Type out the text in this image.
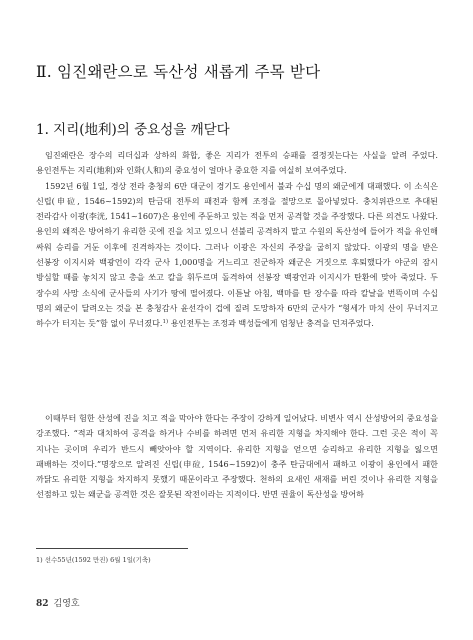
Ⅱ. 임진왜란으로 독산성 새롭게 주목 받다
1. 지리(地利)의 중요성을 깨닫다

임진왜란은 장수의 리더십과 상하의 화합, 좋은 지리가 전투의 승패를 결정짓는다는 사실을 알려 주었다. 용인전투는 지리(地利)와 인화(人和)의 중요성이 얼마나 중요한 지를 여실히 보여주었다.

1592년 6월 1일, 경상 전라 충청의 6만 대군이 경기도 용인에서 불과 수십 명의 왜군에게 대패했다. 이 소식은 신립(申砬, 1546~1592)의 탄금대 전투의 패전과 함께 조정을 절망으로 몰아넣었다. 충치위관으로 추대된 전라감사 이광(李洸, 1541~1607)은 용인에 주둔하고 있는 적을 먼저 공격할 것을 주장했다. 다른 의견도 나왔다. 용인의 왜적은 방어하기 유리한 곳에 진을 치고 있으니 선불리 공격하지 말고 수원의 독산성에 들어가 적을 유인해 싸워 승리를 거둔 이후에 진격하자는 것이다. 그러나 이광은 자신의 주장을 굽히지 않았다. 이광의 명을 받은 선봉장 이지시와 백광언이 각각 군사 1,000명을 거느리고 진군하자 왜군은 거짓으로 후퇴했다가 야군의 잠시 방심할 때를 놓치지 않고 총을 쏘고 칼을 휘두르며 돌격하여 선봉장 백광언과 이지시가 탄환에 맞아 죽었다. 두 장수의 사망 소식에 군사들의 사기가 땅에 떨어졌다. 이튿날 아침, 백마를 탄 장수를 따라 칼날을 번뜩이며 수십 명의 왜군이 달려오는 것을 본 충청감사 윤선각이 겁에 질려 도망하자 6만의 군사가 “형세가 마치 산이 무너지고 하수가 터지는 듯”함 없이 무너졌다.$^{1)}$ 용인전투는 조정과 백성들에게 엄청난 충격을 던져주었다.

이때부터 험한 산성에 진을 치고 적을 막아야 한다는 주장이 강하게 일어났다. 비변사 역시 산성방어의 중요성을 강조했다. “적과 대치하여 공격을 하거나 수비를 하려면 먼저 유리한 지형을 차지해야 한다. 그런 곳은 적이 꼭 지나는 곳이며 우리가 반드시 빼앗아야 할 지역이다. 유리한 지형을 얻으면 승리하고 유리한 지형을 잃으면 패배하는 것이다.”명장으로 알려진 신립(申砬, 1546~1592)이 충주 탄금대에서 패하고 이광이 용인에서 패한 까닭도 유리한 지형을 차지하지 못했기 때문이라고 주장했다. 천하의 요새인 새재를 버린 것이나 유리한 지형을 선점하고 있는 왜군을 공격한 것은 잘못된 작전이라는 지적이다. 반면 권율이 독산성을 방어하

1) 선수55년(1592 만진) 6월 1일(기축)
82 김영호
